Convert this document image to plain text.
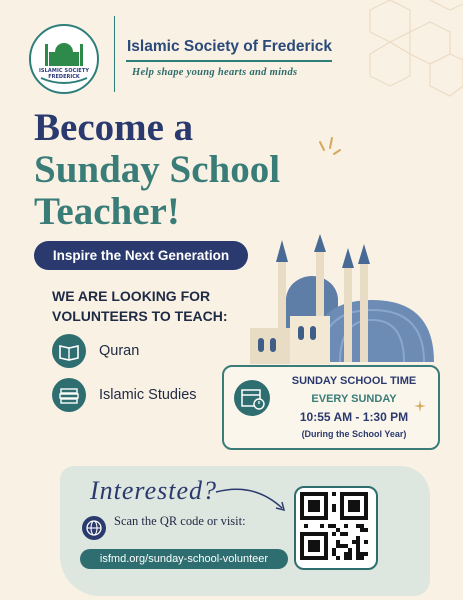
ISLAMIC SOCIETY
FREDERICK
Islamic Society of Frederick
Help shape young hearts and minds
Become a
Sunday School
Teacher!
Inspire the Next Generation
WE ARE LOOKING FOR VOLUNTEERS TO TEACH:
Quran
Islamic Studies
SUNDAY SCHOOL TIME
EVERY SUNDAY
10:55 AM - 1:30 PM
(During the School Year)
Interested?
Scan the QR code or visit:
isfmd.org/sunday-school-volunteer
